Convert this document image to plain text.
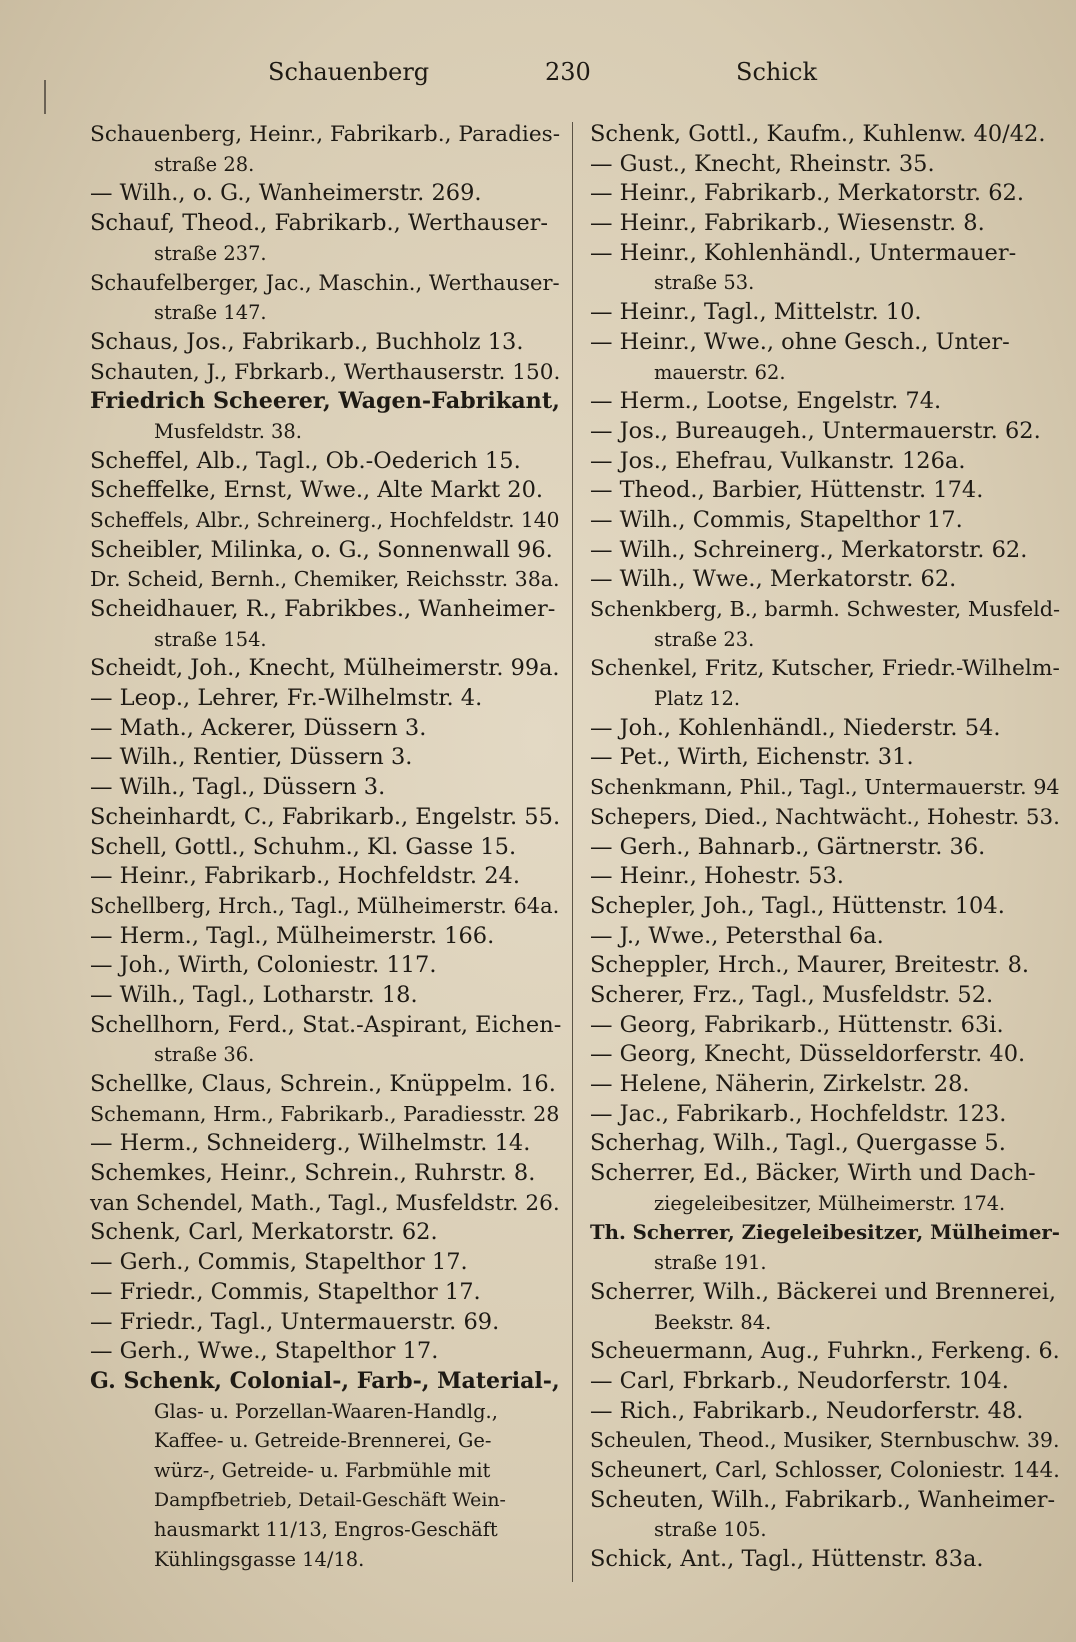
Schauenberg	230	Schick
Schauenberg, Heinr., Fabrikarb., Paradies-
straße 28.
— Wilh., o. G., Wanheimerstr. 269.
Schauf, Theod., Fabrikarb., Werthauser-
straße 237.
Schaufelberger, Jac., Maschin., Werthauser-
straße 147.
Schaus, Jos., Fabrikarb., Buchholz 13.
Schauten, J., Fbrkarb., Werthauserstr. 150.
Friedrich Scheerer, Wagen-Fabrikant,
Musfeldstr. 38.
Scheffel, Alb., Tagl., Ob.-Oederich 15.
Scheffelke, Ernst, Wwe., Alte Markt 20.
Scheffels, Albr., Schreinerg., Hochfeldstr. 140
Scheibler, Milinka, o. G., Sonnenwall 96.
Dr. Scheid, Bernh., Chemiker, Reichsstr. 38a.
Scheidhauer, R., Fabrikbes., Wanheimer-
straße 154.
Scheidt, Joh., Knecht, Mülheimerstr. 99a.
— Leop., Lehrer, Fr.-Wilhelmstr. 4.
— Math., Ackerer, Düssern 3.
— Wilh., Rentier, Düssern 3.
— Wilh., Tagl., Düssern 3.
Scheinhardt, C., Fabrikarb., Engelstr. 55.
Schell, Gottl., Schuhm., Kl. Gasse 15.
— Heinr., Fabrikarb., Hochfeldstr. 24.
Schellberg, Hrch., Tagl., Mülheimerstr. 64a.
— Herm., Tagl., Mülheimerstr. 166.
— Joh., Wirth, Coloniestr. 117.
— Wilh., Tagl., Lotharstr. 18.
Schellhorn, Ferd., Stat.-Aspirant, Eichen-
straße 36.
Schellke, Claus, Schrein., Knüppelm. 16.
Schemann, Hrm., Fabrikarb., Paradiesstr. 28
— Herm., Schneiderg., Wilhelmstr. 14.
Schemkes, Heinr., Schrein., Ruhrstr. 8.
van Schendel, Math., Tagl., Musfeldstr. 26.
Schenk, Carl, Merkatorstr. 62.
— Gerh., Commis, Stapelthor 17.
— Friedr., Commis, Stapelthor 17.
— Friedr., Tagl., Untermauerstr. 69.
— Gerh., Wwe., Stapelthor 17.
G. Schenk, Colonial-, Farb-, Material-,
Glas- u. Porzellan-Waaren-Handlg.,
Kaffee- u. Getreide-Brennerei, Ge-
würz-, Getreide- u. Farbmühle mit
Dampfbetrieb, Detail-Geschäft Wein-
hausmarkt 11/13, Engros-Geschäft
Kühlingsgasse 14/18.
Schenk, Gottl., Kaufm., Kuhlenw. 40/42.
— Gust., Knecht, Rheinstr. 35.
— Heinr., Fabrikarb., Merkatorstr. 62.
— Heinr., Fabrikarb., Wiesenstr. 8.
— Heinr., Kohlenhändl., Untermauer-
straße 53.
— Heinr., Tagl., Mittelstr. 10.
— Heinr., Wwe., ohne Gesch., Unter-
mauerstr. 62.
— Herm., Lootse, Engelstr. 74.
— Jos., Bureaugeh., Untermauerstr. 62.
— Jos., Ehefrau, Vulkanstr. 126a.
— Theod., Barbier, Hüttenstr. 174.
— Wilh., Commis, Stapelthor 17.
— Wilh., Schreinerg., Merkatorstr. 62.
— Wilh., Wwe., Merkatorstr. 62.
Schenkberg, B., barmh. Schwester, Musfeld-
straße 23.
Schenkel, Fritz, Kutscher, Friedr.-Wilhelm-
Platz 12.
— Joh., Kohlenhändl., Niederstr. 54.
— Pet., Wirth, Eichenstr. 31.
Schenkmann, Phil., Tagl., Untermauerstr. 94
Schepers, Died., Nachtwächt., Hohestr. 53.
— Gerh., Bahnarb., Gärtnerstr. 36.
— Heinr., Hohestr. 53.
Schepler, Joh., Tagl., Hüttenstr. 104.
— J., Wwe., Petersthal 6a.
Scheppler, Hrch., Maurer, Breitestr. 8.
Scherer, Frz., Tagl., Musfeldstr. 52.
— Georg, Fabrikarb., Hüttenstr. 63i.
— Georg, Knecht, Düsseldorferstr. 40.
— Helene, Näherin, Zirkelstr. 28.
— Jac., Fabrikarb., Hochfeldstr. 123.
Scherhag, Wilh., Tagl., Quergasse 5.
Scherrer, Ed., Bäcker, Wirth und Dach-
ziegeleibesitzer, Mülheimerstr. 174.
Th. Scherrer, Ziegeleibesitzer, Mülheimer-
straße 191.
Scherrer, Wilh., Bäckerei und Brennerei,
Beekstr. 84.
Scheuermann, Aug., Fuhrkn., Ferkeng. 6.
— Carl, Fbrkarb., Neudorferstr. 104.
— Rich., Fabrikarb., Neudorferstr. 48.
Scheulen, Theod., Musiker, Sternbuschw. 39.
Scheunert, Carl, Schlosser, Coloniestr. 144.
Scheuten, Wilh., Fabrikarb., Wanheimer-
straße 105.
Schick, Ant., Tagl., Hüttenstr. 83a.
